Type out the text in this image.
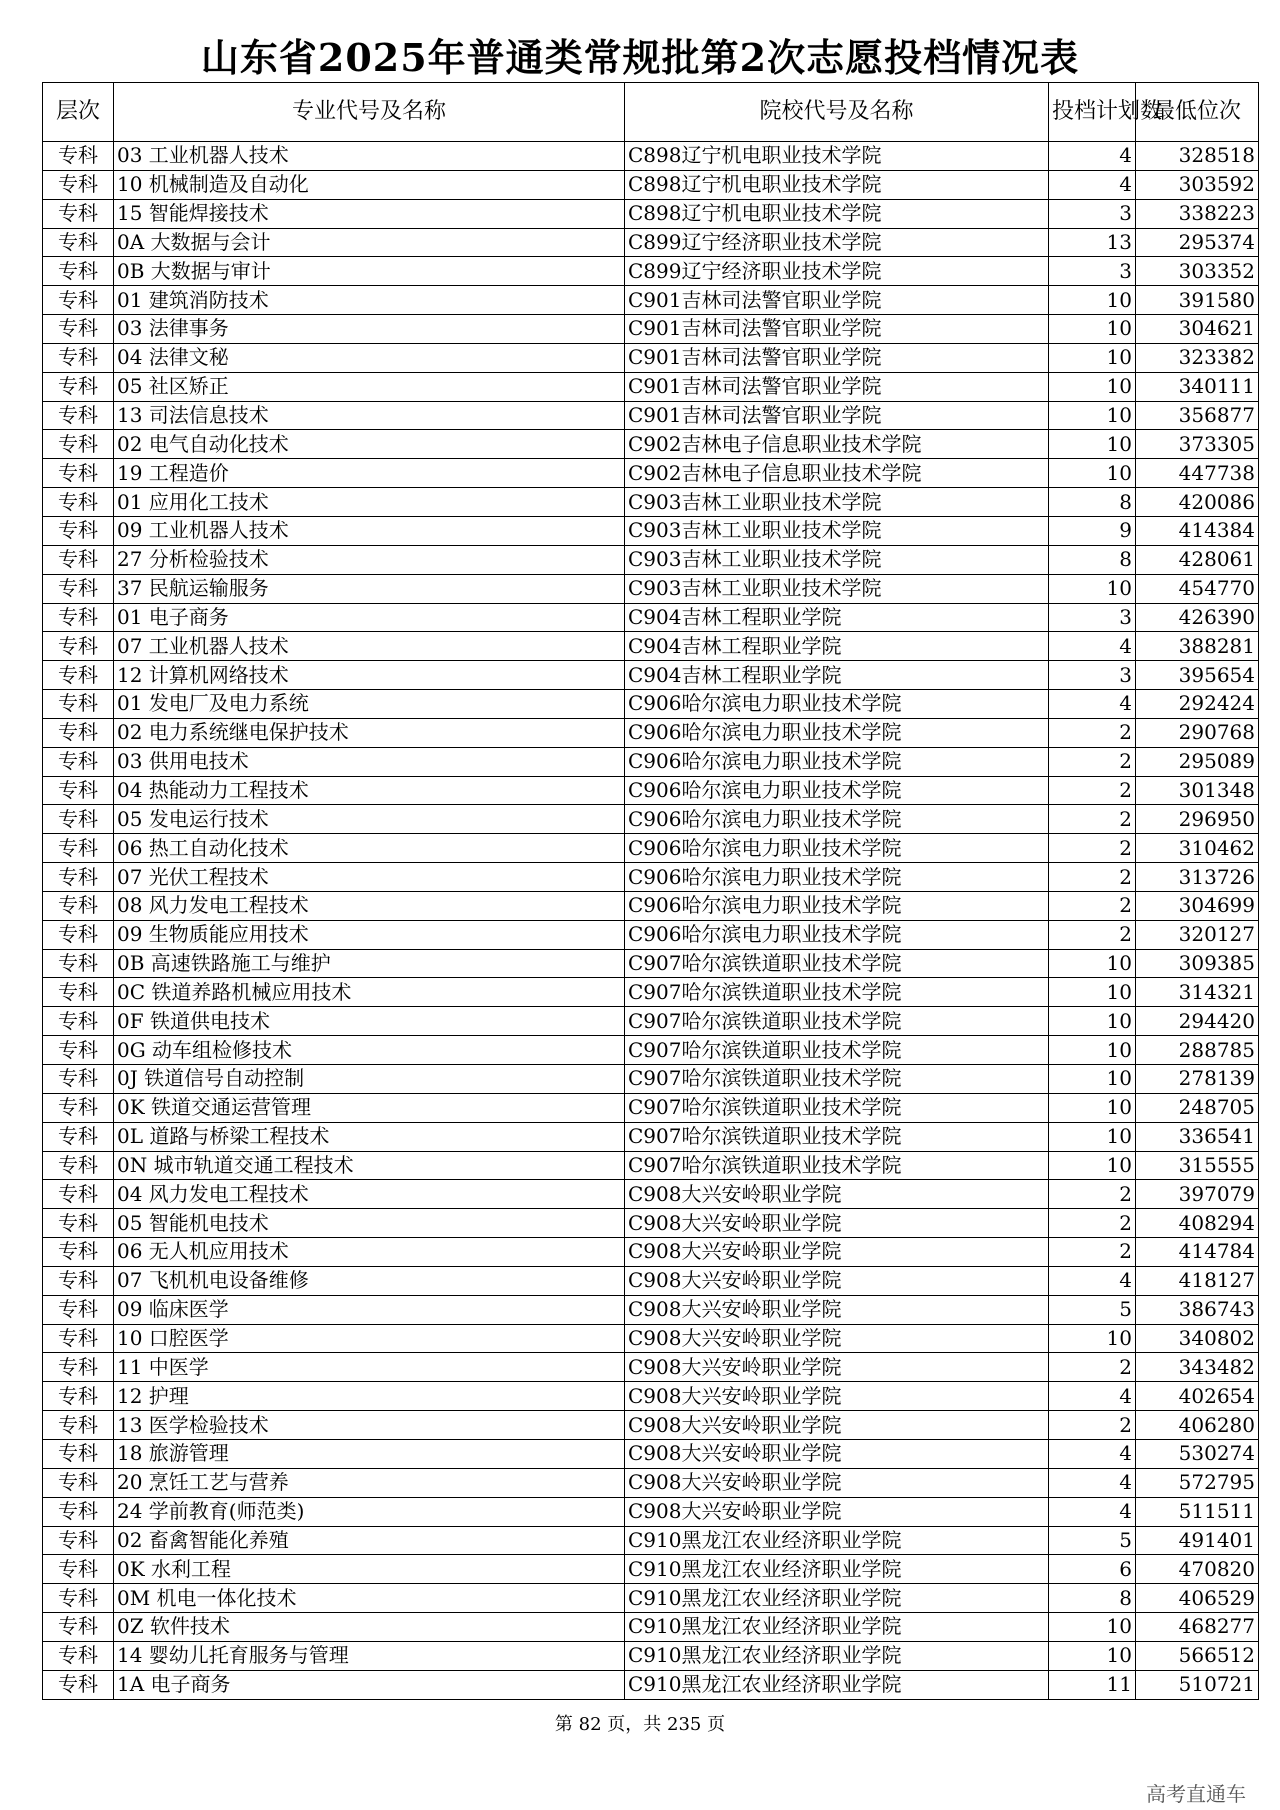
山东省2025年普通类常规批第2次志愿投档情况表
层次	专业代号及名称	院校代号及名称	投档计划数	最低位次
专科	03 工业机器人技术	C898辽宁机电职业技术学院	4	328518
专科	10 机械制造及自动化	C898辽宁机电职业技术学院	4	303592
专科	15 智能焊接技术	C898辽宁机电职业技术学院	3	338223
专科	0A 大数据与会计	C899辽宁经济职业技术学院	13	295374
专科	0B 大数据与审计	C899辽宁经济职业技术学院	3	303352
专科	01 建筑消防技术	C901吉林司法警官职业学院	10	391580
专科	03 法律事务	C901吉林司法警官职业学院	10	304621
专科	04 法律文秘	C901吉林司法警官职业学院	10	323382
专科	05 社区矫正	C901吉林司法警官职业学院	10	340111
专科	13 司法信息技术	C901吉林司法警官职业学院	10	356877
专科	02 电气自动化技术	C902吉林电子信息职业技术学院	10	373305
专科	19 工程造价	C902吉林电子信息职业技术学院	10	447738
专科	01 应用化工技术	C903吉林工业职业技术学院	8	420086
专科	09 工业机器人技术	C903吉林工业职业技术学院	9	414384
专科	27 分析检验技术	C903吉林工业职业技术学院	8	428061
专科	37 民航运输服务	C903吉林工业职业技术学院	10	454770
专科	01 电子商务	C904吉林工程职业学院	3	426390
专科	07 工业机器人技术	C904吉林工程职业学院	4	388281
专科	12 计算机网络技术	C904吉林工程职业学院	3	395654
专科	01 发电厂及电力系统	C906哈尔滨电力职业技术学院	4	292424
专科	02 电力系统继电保护技术	C906哈尔滨电力职业技术学院	2	290768
专科	03 供用电技术	C906哈尔滨电力职业技术学院	2	295089
专科	04 热能动力工程技术	C906哈尔滨电力职业技术学院	2	301348
专科	05 发电运行技术	C906哈尔滨电力职业技术学院	2	296950
专科	06 热工自动化技术	C906哈尔滨电力职业技术学院	2	310462
专科	07 光伏工程技术	C906哈尔滨电力职业技术学院	2	313726
专科	08 风力发电工程技术	C906哈尔滨电力职业技术学院	2	304699
专科	09 生物质能应用技术	C906哈尔滨电力职业技术学院	2	320127
专科	0B 高速铁路施工与维护	C907哈尔滨铁道职业技术学院	10	309385
专科	0C 铁道养路机械应用技术	C907哈尔滨铁道职业技术学院	10	314321
专科	0F 铁道供电技术	C907哈尔滨铁道职业技术学院	10	294420
专科	0G 动车组检修技术	C907哈尔滨铁道职业技术学院	10	288785
专科	0J 铁道信号自动控制	C907哈尔滨铁道职业技术学院	10	278139
专科	0K 铁道交通运营管理	C907哈尔滨铁道职业技术学院	10	248705
专科	0L 道路与桥梁工程技术	C907哈尔滨铁道职业技术学院	10	336541
专科	0N 城市轨道交通工程技术	C907哈尔滨铁道职业技术学院	10	315555
专科	04 风力发电工程技术	C908大兴安岭职业学院	2	397079
专科	05 智能机电技术	C908大兴安岭职业学院	2	408294
专科	06 无人机应用技术	C908大兴安岭职业学院	2	414784
专科	07 飞机机电设备维修	C908大兴安岭职业学院	4	418127
专科	09 临床医学	C908大兴安岭职业学院	5	386743
专科	10 口腔医学	C908大兴安岭职业学院	10	340802
专科	11 中医学	C908大兴安岭职业学院	2	343482
专科	12 护理	C908大兴安岭职业学院	4	402654
专科	13 医学检验技术	C908大兴安岭职业学院	2	406280
专科	18 旅游管理	C908大兴安岭职业学院	4	530274
专科	20 烹饪工艺与营养	C908大兴安岭职业学院	4	572795
专科	24 学前教育(师范类)	C908大兴安岭职业学院	4	511511
专科	02 畜禽智能化养殖	C910黑龙江农业经济职业学院	5	491401
专科	0K 水利工程	C910黑龙江农业经济职业学院	6	470820
专科	0M 机电一体化技术	C910黑龙江农业经济职业学院	8	406529
专科	0Z 软件技术	C910黑龙江农业经济职业学院	10	468277
专科	14 婴幼儿托育服务与管理	C910黑龙江农业经济职业学院	10	566512
专科	1A 电子商务	C910黑龙江农业经济职业学院	11	510721
第 82 页，共 235 页
高考直通车
